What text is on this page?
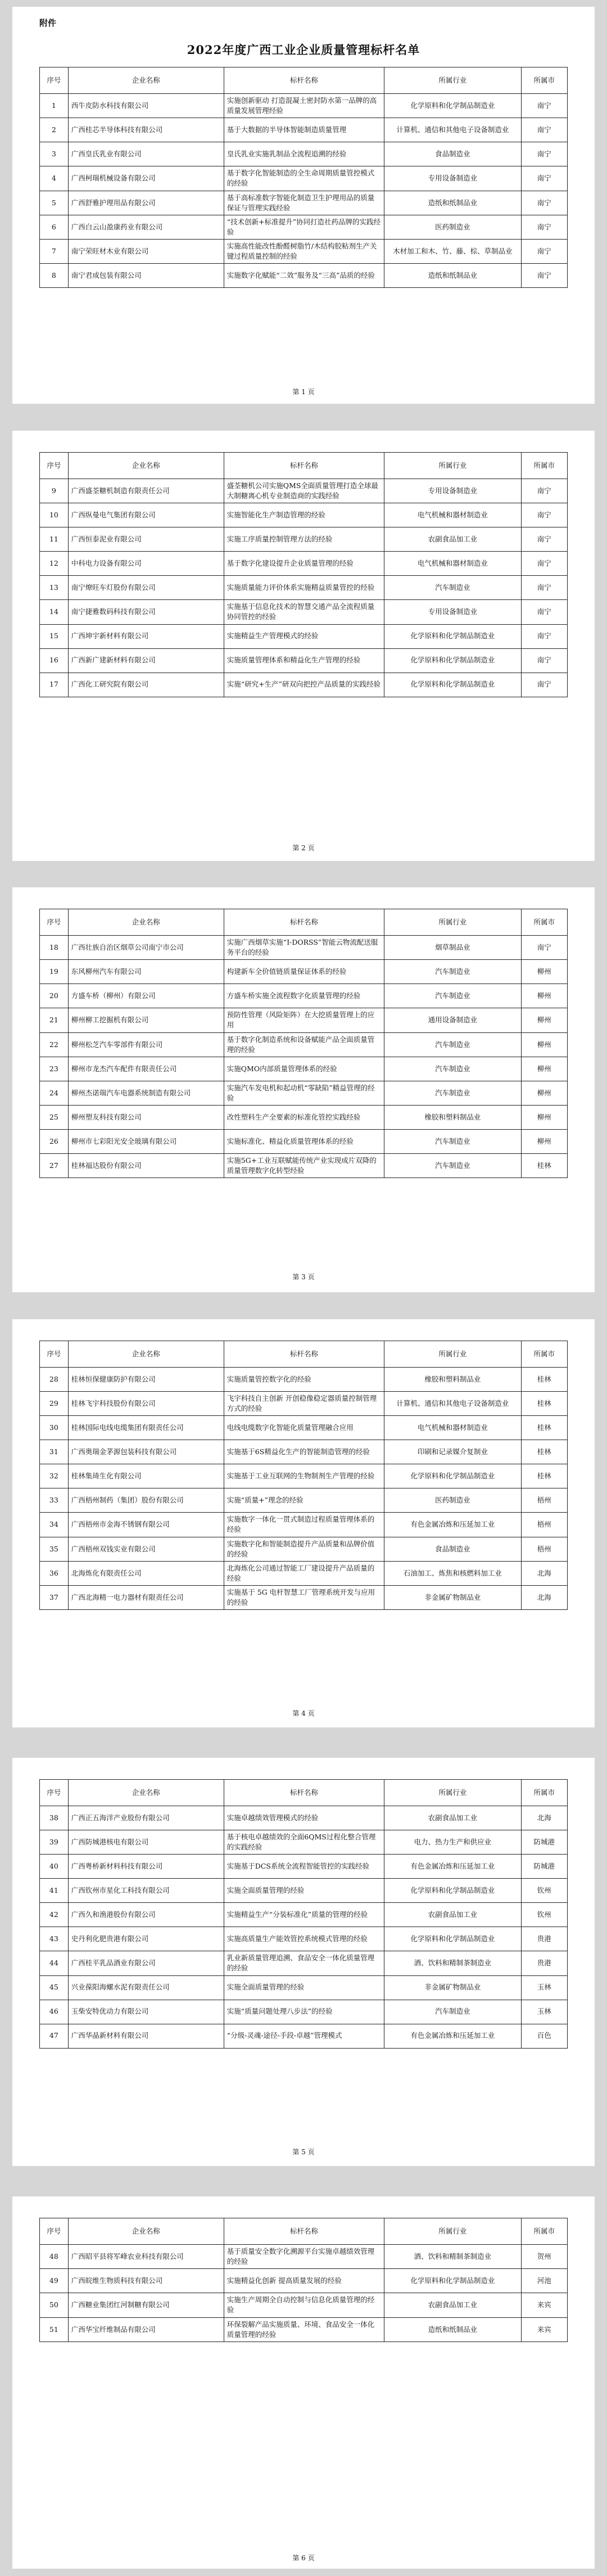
附件
2022年度广西工业企业质量管理标杆名单
序号	企业名称	标杆名称	所属行业	所属市
1	西牛皮防水科技有限公司	实施创新驱动 打造混凝土密封防水第一品牌的高质量发展管理经验	化学原料和化学制品制造业	南宁
2	广西桂芯半导体科技有限公司	基于大数据的半导体智能制造质量管理	计算机、通信和其他电子设备制造业	南宁
3	广西皇氏乳业有限公司	皇氏乳业实施乳制品全流程追溯的经验	食品制造业	南宁
4	广西柯瑞机械设备有限公司	基于数字化智能制造的全生命周期质量管控模式的经验	专用设备制造业	南宁
5	广西舒雅护理用品有限公司	基于高标准数字智能化制造卫生护理用品的质量保证与管理实践经验	造纸和纸制品业	南宁
6	广西白云山盈康药业有限公司	“技术创新+标准提升”协同打造社药品牌的实践经验	医药制造业	南宁
7	南宁荣旺材木业有限公司	实施高性能改性酚醛树脂竹/木结构胶粘剂生产关键过程质量控制的经验	木材加工和木、竹、藤、棕、草制品业	南宁
8	南宁君成包装有限公司	实施数字化赋能“二效”服务及“三高”品质的经验	造纸和纸制品业	南宁
第 1 页
序号	企业名称	标杆名称	所属行业	所属市
9	广西盛荃糖机制造有限责任公司	盛荃糖机公司实施QMS全面质量管理打造全球最大制糖离心机专业制造商的实践经验	专用设备制造业	南宁
10	广西纵曼电气集团有限公司	实施智能化生产制造管理的经验	电气机械和器材制造业	南宁
11	广西恒泰泥业有限公司	实施工序质量控制管理方法的经验	农副食品加工业	南宁
12	中科电力设备有限公司	基于数字化建设提升企业质量管理的经验	电气机械和器材制造业	南宁
13	南宁燎旺车灯股份有限公司	实施质量能力评价体系实施精益质量管控的经验	汽车制造业	南宁
14	南宁捷雅数码科技有限公司	实施基于信息化技术的智慧交通产品全流程质量协同管控的经验	专用设备制造业	南宁
15	广西坤宇新材料有限公司	实施精益生产管理模式的经验	化学原料和化学制品制造业	南宁
16	广西新广建新材料有限公司	实施质量管理体系和精益化生产管理的经验	化学原料和化学制品制造业	南宁
17	广西化工研究院有限公司	实施“研究+生产”研双向把控产品质量的实践经验	化学原料和化学制品制造业	南宁
第 2 页
序号	企业名称	标杆名称	所属行业	所属市
18	广西壮族自治区烟草公司南宁市公司	实施广西烟草实施“I-DORSS”智能云物流配送服务平台的经验	烟草制品业	南宁
19	东风柳州汽车有限公司	构建新车全价值链质量保证体系的经验	汽车制造业	柳州
20	方盛车桥（柳州）有限公司	方盛车桥实施全流程数字化质量管理的经验	汽车制造业	柳州
21	柳州柳工挖掘机有限公司	预防性管理（风险矩阵）在大挖质量管理上的应用	通用设备制造业	柳州
22	柳州松芝汽车零部件有限公司	基于数字化制造系统和设备赋能产品全面质量管理的经验	汽车制造业	柳州
23	柳州市龙杰汽车配件有限责任公司	实施QMO内部质量管理体系的经验	汽车制造业	柳州
24	柳州杰诺瑞汽车电器系统制造有限公司	实施汽车发电机和起动机“零缺陷”精益管理的经验	汽车制造业	柳州
25	柳州塑友科技有限公司	改性塑料生产全要素的标准化管控实践经验	橡胶和塑料制品业	柳州
26	柳州市七彩阳光安全玻璃有限公司	实施标准化、精益化质量管理体系的经验	汽车制造业	柳州
27	桂林福达股份有限公司	实施5G+工业互联赋能传统产业实现成片双降的质量管理数字化转型经验	汽车制造业	桂林
第 3 页
序号	企业名称	标杆名称	所属行业	所属市
28	桂林恒保健康防护有限公司	实施质量管控数字化的经验	橡胶和塑料制品业	桂林
29	桂林飞宇科技股份有限公司	飞宇科技自主创新 开创稳像稳定器质量控制管理方式的经验	计算机、通信和其他电子设备制造业	桂林
30	桂林国际电线电缆集团有限责任公司	电线电缆数字化智能化质量管理融合应用	电气机械和器材制造业	桂林
31	广西奥瑞金茅源包装科技有限公司	实施基于6S精益化生产的智能制造管理的经验	印刷和记录媒介复制业	桂林
32	桂林集琦生化有限公司	实施基于工业互联网的生物制剂生产管理的经验	化学原料和化学制品制造业	桂林
33	广西梧州制药（集团）股份有限公司	实施“质量+”理念的经验	医药制造业	梧州
34	广西梧州市金海不锈钢有限公司	实施数字一体化一贯式制造过程质量管理体系的经验	有色金属冶炼和压延加工业	梧州
35	广西梧州双钱实业有限公司	实施数字化和智能制造提升产品质量和品牌价值的经验	食品制造业	梧州
36	北海炼化有限责任公司	北海炼化公司通过智能工厂建设提升产品质量的经验	石油加工、炼焦和核燃料加工业	北海
37	广西北海精一电力器材有限责任公司	实施基于 5G 电杆智慧工厂管理系统开发与应用的经验	非金属矿物制品业	北海
第 4 页
序号	企业名称	标杆名称	所属行业	所属市
38	广西正五海洋产业股份有限公司	实施卓越绩效管理模式的经验	农副食品加工业	北海
39	广西防城港核电有限公司	基于核电卓越绩效的全面6QMS过程化整合管理的实践经验	电力、热力生产和供应业	防城港
40	广西粤桥新材料科技有限公司	实施基于DCS系统全流程智能管控的实践经验	有色金属冶炼和压延加工业	防城港
41	广西钦州市星化工科技有限公司	实施全面质量管理的经验	化学原料和化学制品制造业	钦州
42	广西久和渔港股份有限公司	实施精益生产“分装标准化”质量的管理的经验	农副食品加工业	钦州
43	史丹利化肥贵港有限公司	实施高质量生产能效管控系统模式管理的经验	化学原料和化学制品制造业	贵港
44	广西桂平乳品酒业有限公司	乳业新质量管理追溯、食品安全一体化质量管理的经验	酒、饮料和精制茶制造业	贵港
45	兴业葆阳海螺水泥有限责任公司	实施全面质量管理的经验	非金属矿物制品业	玉林
46	玉柴安特优动力有限公司	实施“质量问题处理八步法”的经验	汽车制造业	玉林
47	广西华晶新材料有限公司	“分级-灵魂-途径-手段-卓越”管理模式	有色金属冶炼和压延加工业	百色
第 5 页
序号	企业名称	标杆名称	所属行业	所属市
48	广西昭平县将军峰农业科技有限公司	基于质量安全数字化溯源平台实施卓越绩效管理的经验	酒、饮料和精制茶制造业	贺州
49	广西皖维生物质科技有限公司	实施精益化创新 提高质量发展的经验	化学原料和化学制品制造业	河池
50	广西糖业集团红河制糖有限公司	实施生产周期全自动控制与信息化质量管理的经验	农副食品加工业	来宾
51	广西华宝纤维制品有限公司	环保裂解产品实施质量、环境、食品安全一体化质量管理的经验	造纸和纸制品业	来宾
第 6 页
